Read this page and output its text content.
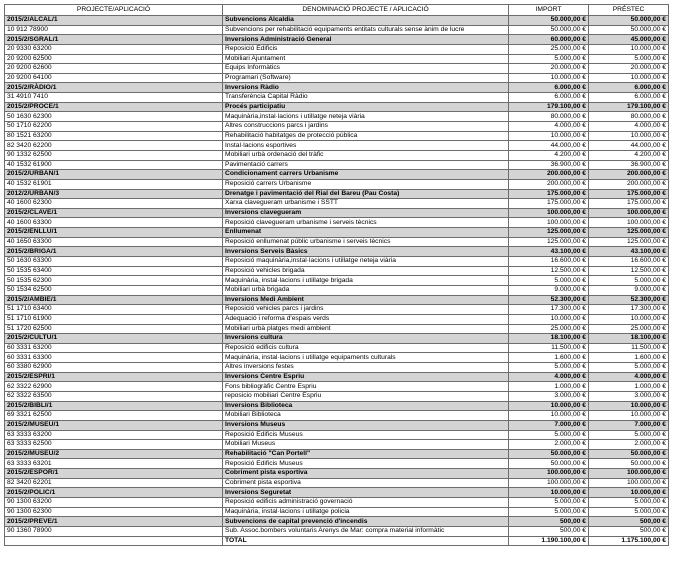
PROJECTE/APLICACIÓ	DENOMINACIÓ PROJECTE / APLICACIÓ	IMPORT	PRÉSTEC
2015/2/ALCAL/1	Subvencions Alcaldia	50.000,00 €	50.000,00 €
10 912 78900	Subvencions per rehabilitació equipaments entitats culturals sense ànim de lucre	50.000,00 €	50.000,00 €
2015/2/SGRAL/1	Inversions Administració General	60.000,00 €	45.000,00 €
20 9330 63200	Reposició Edificis	25.000,00 €	10.000,00 €
20 9200 62500	Mobiliari Ajuntament	5.000,00 €	5.000,00 €
20 9200 62600	Equips Informàtics	20.000,00 €	20.000,00 €
20 9200 64100	Programari (Software)	10.000,00 €	10.000,00 €
2015/2/RÀDIO/1	Inversions Ràdio	6.000,00 €	6.000,00 €
31 4910 7410	Transferència Capital Ràdio	6.000,00 €	6.000,00 €
2015/2/PROCE/1	Procés participatiu	179.100,00 €	179.100,00 €
50 1630 62300	Maquinària,instal·lacions i utillatge neteja viària	80.000,00 €	80.000,00 €
50 1710 62200	Altres construccions parcs i jardins	4.000,00 €	4.000,00 €
80 1521 63200	Rehabilitació habitatges de protecció pública	10.000,00 €	10.000,00 €
82 3420 62200	Instal·lacions esportives	44.000,00 €	44.000,00 €
90 1332 62500	Mobiliari urbà ordenació del tràfic	4.200,00 €	4.200,00 €
40 1532 61900	Pavimentació carrers	36.900,00 €	36.900,00 €
2015/2/URBAN/1	Condicionament carrers Urbanisme	200.000,00 €	200.000,00 €
40 1532 61901	Reposició carrers Urbanisme	200.000,00 €	200.000,00 €
2012/2/URBAN/3	Drenatge i pavimentació del Rial del Bareu (Pau Costa)	175.000,00 €	175.000,00 €
40 1600 62300	Xarxa clavegueram urbanisme i SSTT	175.000,00 €	175.000,00 €
2015/2/CLAVE/1	Inversions clavegueram	100.000,00 €	100.000,00 €
40 1600 63300	Reposició clavegueram urbanisme i serveis tècnics	100.000,00 €	100.000,00 €
2015/2/ENLLU/1	Enllumenat	125.000,00 €	125.000,00 €
40 1650 63300	Reposició enllumenat públic urbanisme i serveis tècnics	125.000,00 €	125.000,00 €
2015/2/BRIGA/1	Inversions Serveis Bàsics	43.100,00 €	43.100,00 €
50 1630 63300	Reposició maquinària,instal·lacions i utillatge neteja viària	16.600,00 €	16.600,00 €
50 1535 63400	Reposició vehicles brigada	12.500,00 €	12.500,00 €
50 1535 62300	Maquinària, instal·lacions i utillatge brigada	5.000,00 €	5.000,00 €
50 1534 62500	Mobiliari urbà brigada	9.000,00 €	9.000,00 €
2015/2/AMBIE/1	Inversions Medi Ambient	52.300,00 €	52.300,00 €
51 1710 63400	Reposició vehicles parcs i jardins	17.300,00 €	17.300,00 €
51 1710 61900	Adequació i reforma d'espais verds	10.000,00 €	10.000,00 €
51 1720 62500	Mobiliari urbà platges medi ambient	25.000,00 €	25.000,00 €
2015/2/CULTU/1	Inversions cultura	18.100,00 €	18.100,00 €
60 3331 63200	Reposició edificis cultura	11.500,00 €	11.500,00 €
60 3331 63300	Maquinària, instal·lacions i utillatge equipaments culturals	1.600,00 €	1.600,00 €
60 3380 62900	Altres inversions festes	5.000,00 €	5.000,00 €
2015/2/ESPRI/1	Inversions Centre Espriu	4.000,00 €	4.000,00 €
62 3322 62900	Fons bibliogràfic Centre Espriu	1.000,00 €	1.000,00 €
62 3322 63500	reposicio mobiliari Centre Espriu	3.000,00 €	3.000,00 €
2015/2/BIBLI/1	Inversions Biblioteca	10.000,00 €	10.000,00 €
69 3321 62500	Mobiliari Biblioteca	10.000,00 €	10.000,00 €
2015/2/MUSEU/1	Inversions Museus	7.000,00 €	7.000,00 €
63 3333 63200	Reposició Edificis Museus	5.000,00 €	5.000,00 €
63 3333 62500	Mobiliari Museus	2.000,00 €	2.000,00 €
2015/2/MUSEU/2	Rehabilitació "Can Portell"	50.000,00 €	50.000,00 €
63 3333 63201	Reposició Edificis Museus	50.000,00 €	50.000,00 €
2015/2/ESPOR/1	Cobriment pista esportiva	100.000,00 €	100.000,00 €
82 3420 62201	Cobriment pista esportiva	100.000,00 €	100.000,00 €
2015/2/POLIC/1	Inversions Seguretat	10.000,00 €	10.000,00 €
90 1300 63200	Reposició edificis administració governació	5.000,00 €	5.000,00 €
90 1300 62300	Maquinària, instal·lacions i utillatge policia	5.000,00 €	5.000,00 €
2015/2/PREVE/1	Subvencions de capital prevenció d'incendis	500,00 €	500,00 €
90 1360 78900	Sub. Assoc.bombers voluntaris Arenys de Mar: compra material informàtic	500,00 €	500,00 €
	TOTAL	1.190.100,00 €	1.175.100,00 €
